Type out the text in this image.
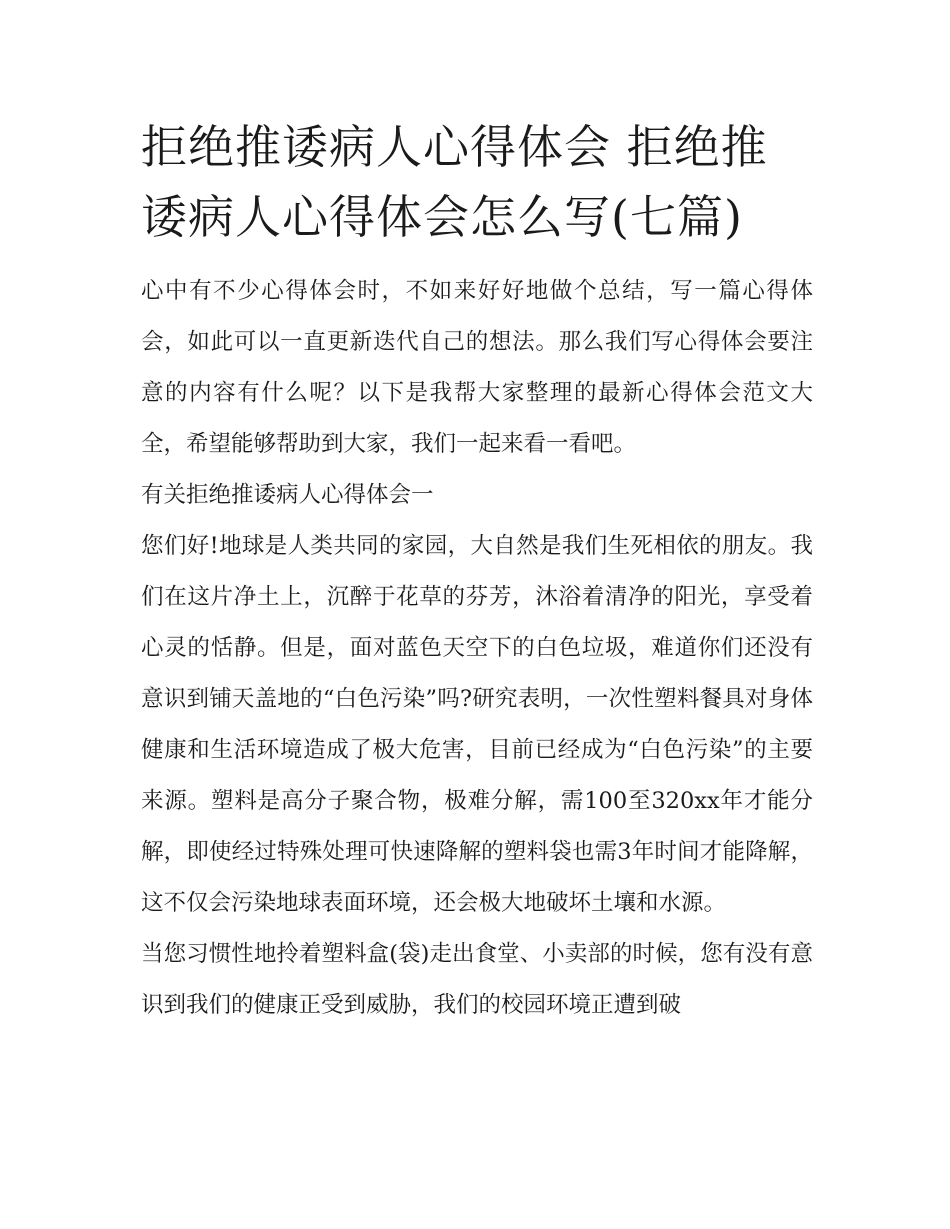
拒绝推诿病人心得体会 拒绝推诿病人心得体会怎么写(七篇)

心中有不少心得体会时，不如来好好地做个总结，写一篇心得体会，如此可以一直更新迭代自己的想法。那么我们写心得体会要注意的内容有什么呢？以下是我帮大家整理的最新心得体会范文大全，希望能够帮助到大家，我们一起来看一看吧。

有关拒绝推诿病人心得体会一

您们好!地球是人类共同的家园，大自然是我们生死相依的朋友。我们在这片净土上，沉醉于花草的芬芳，沐浴着清净的阳光，享受着心灵的恬静。但是，面对蓝色天空下的白色垃圾，难道你们还没有意识到铺天盖地的“白色污染”吗?研究表明，一次性塑料餐具对身体健康和生活环境造成了极大危害，目前已经成为“白色污染”的主要来源。塑料是高分子聚合物，极难分解，需100至320xx年才能分解，即使经过特殊处理可快速降解的塑料袋也需3年时间才能降解，这不仅会污染地球表面环境，还会极大地破坏土壤和水源。

当您习惯性地拎着塑料盒(袋)走出食堂、小卖部的时候，您有没有意识到我们的健康正受到威胁，我们的校园环境正遭到破
